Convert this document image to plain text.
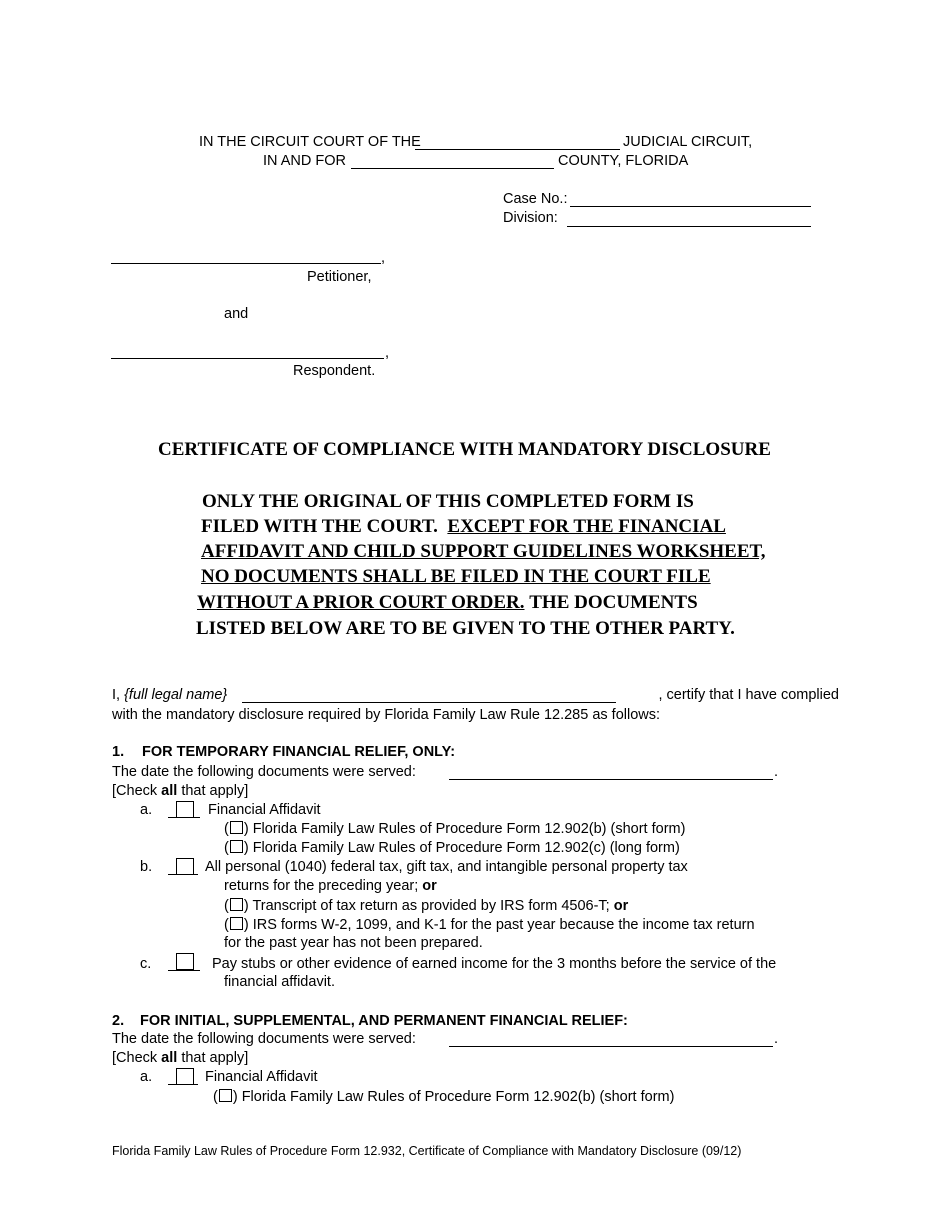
IN THE CIRCUIT COURT OF THE	JUDICIAL CIRCUIT,
IN AND FOR	COUNTY, FLORIDA
Case No.:
Division:
,
Petitioner,
and
,
Respondent.
CERTIFICATE OF COMPLIANCE WITH MANDATORY DISCLOSURE
ONLY THE ORIGINAL OF THIS COMPLETED FORM IS
FILED WITH THE COURT. EXCEPT FOR THE FINANCIAL
AFFIDAVIT AND CHILD SUPPORT GUIDELINES WORKSHEET,
NO DOCUMENTS SHALL BE FILED IN THE COURT FILE
WITHOUT A PRIOR COURT ORDER. THE DOCUMENTS
LISTED BELOW ARE TO BE GIVEN TO THE OTHER PARTY.
I, {full legal name}	, certify that I have complied
with the mandatory disclosure required by Florida Family Law Rule 12.285 as follows:
1. FOR TEMPORARY FINANCIAL RELIEF, ONLY:
The date the following documents were served:	.
[Check all that apply]
a.	Financial Affidavit
( ) Florida Family Law Rules of Procedure Form 12.902(b) (short form)
( ) Florida Family Law Rules of Procedure Form 12.902(c) (long form)
b.	All personal (1040) federal tax, gift tax, and intangible personal property tax
returns for the preceding year; or
( ) Transcript of tax return as provided by IRS form 4506-T; or
( ) IRS forms W-2, 1099, and K-1 for the past year because the income tax return
for the past year has not been prepared.
c.	Pay stubs or other evidence of earned income for the 3 months before the service of the
financial affidavit.
2. FOR INITIAL, SUPPLEMENTAL, AND PERMANENT FINANCIAL RELIEF:
The date the following documents were served:	.
[Check all that apply]
a.	Financial Affidavit
( ) Florida Family Law Rules of Procedure Form 12.902(b) (short form)
Florida Family Law Rules of Procedure Form 12.932, Certificate of Compliance with Mandatory Disclosure (09/12)
